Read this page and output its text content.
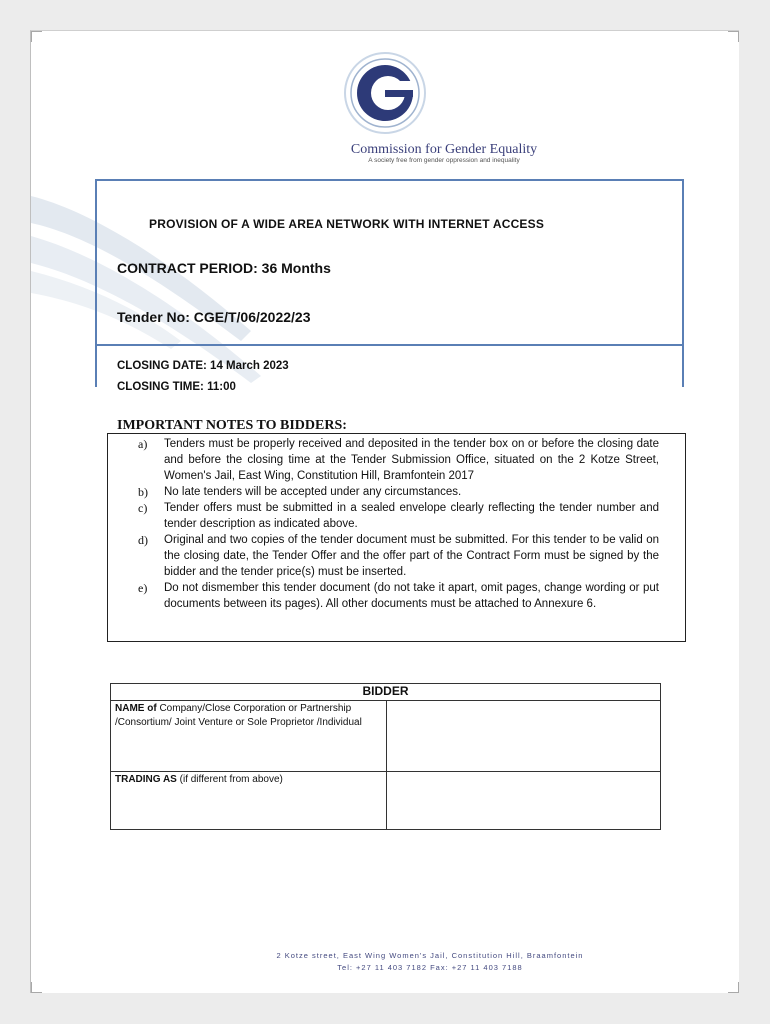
Commission for Gender Equality
A society free from gender oppression and inequality
PROVISION OF A WIDE AREA NETWORK WITH INTERNET ACCESS
CONTRACT PERIOD: 36 Months
Tender No: CGE/T/06/2022/23
CLOSING DATE: 14 March 2023
CLOSING TIME: 11:00
IMPORTANT NOTES TO BIDDERS:
a) Tenders must be properly received and deposited in the tender box on or before the closing date and before the closing time at the Tender Submission Office, situated on the 2 Kotze Street, Women's Jail, East Wing, Constitution Hill, Bramfontein 2017
b) No late tenders will be accepted under any circumstances.
c) Tender offers must be submitted in a sealed envelope clearly reflecting the tender number and tender description as indicated above.
d) Original and two copies of the tender document must be submitted. For this tender to be valid on the closing date, the Tender Offer and the offer part of the Contract Form must be signed by the bidder and the tender price(s) must be inserted.
e) Do not dismember this tender document (do not take it apart, omit pages, change wording or put documents between its pages). All other documents must be attached to Annexure 6.
BIDDER	
NAME of Company/Close Corporation or Partnership /Consortium/ Joint Venture or Sole Proprietor /Individual	
TRADING AS (if different from above)	
2 Kotze street, East Wing Women's Jail, Constitution Hill, Braamfontein
Tel: +27 11 403 7182 Fax: +27 11 403 7188
